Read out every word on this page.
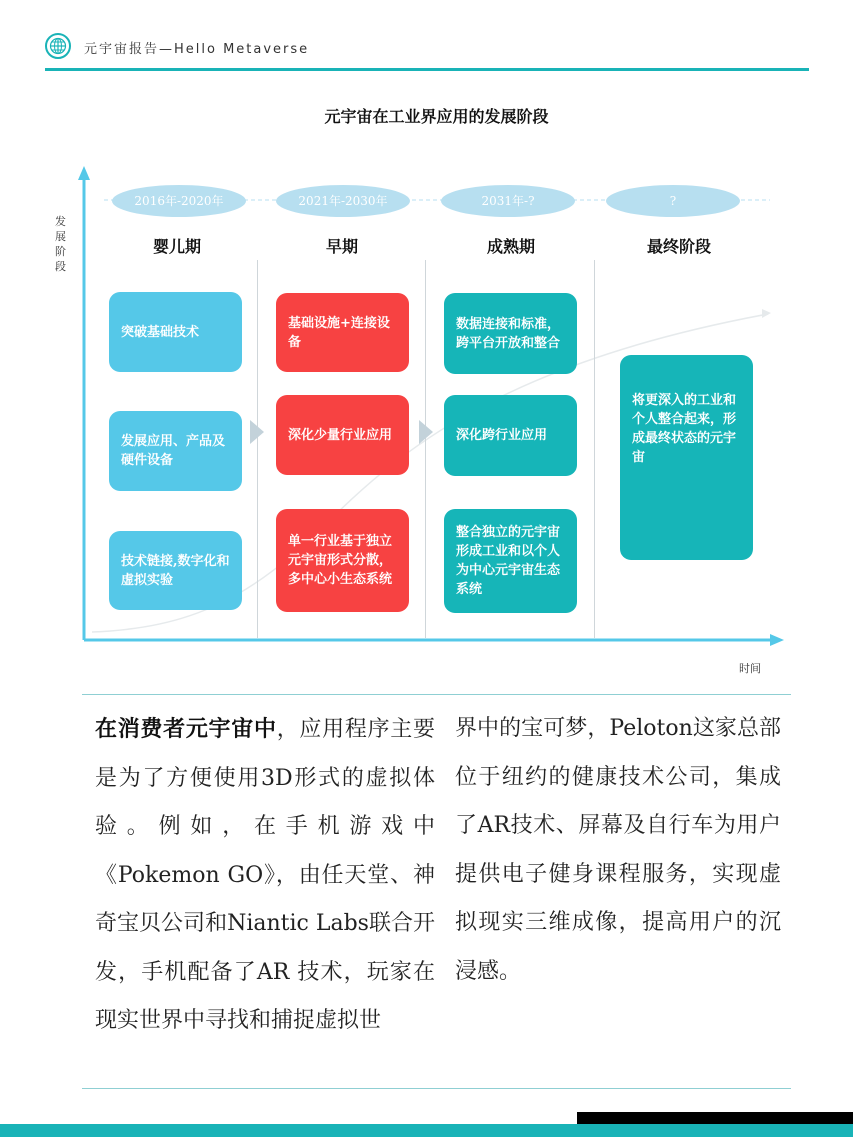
元宇宙报告—Hello Metaverse
元宇宙在工业界应用的发展阶段
发展阶段
时间
2016年-2020年	2021年-2030年	2031年-?	?
婴儿期	早期	成熟期	最终阶段
突破基础技术
发展应用、产品及硬件设备
技术链接,数字化和虚拟实验
基础设施+连接设备
深化少量行业应用
单一行业基于独立元宇宙形式分散，多中心小生态系统
数据连接和标准，跨平台开放和整合
深化跨行业应用
整合独立的元宇宙形成工业和以个人为中心元宇宙生态系统
将更深入的工业和个人整合起来，形成最终状态的元宇宙
在消费者元宇宙中，应用程序主要是为了方便使用3D形式的虚拟体验。例如，在手机游戏中《Pokemon GO》，由任天堂、神奇宝贝公司和Niantic Labs联合开发，手机配备了AR 技术，玩家在现实世界中寻找和捕捉虚拟世
界中的宝可梦，Peloton这家总部位于纽约的健康技术公司，集成了AR技术、屏幕及自行车为用户提供电子健身课程服务，实现虚拟现实三维成像，提高用户的沉浸感。
